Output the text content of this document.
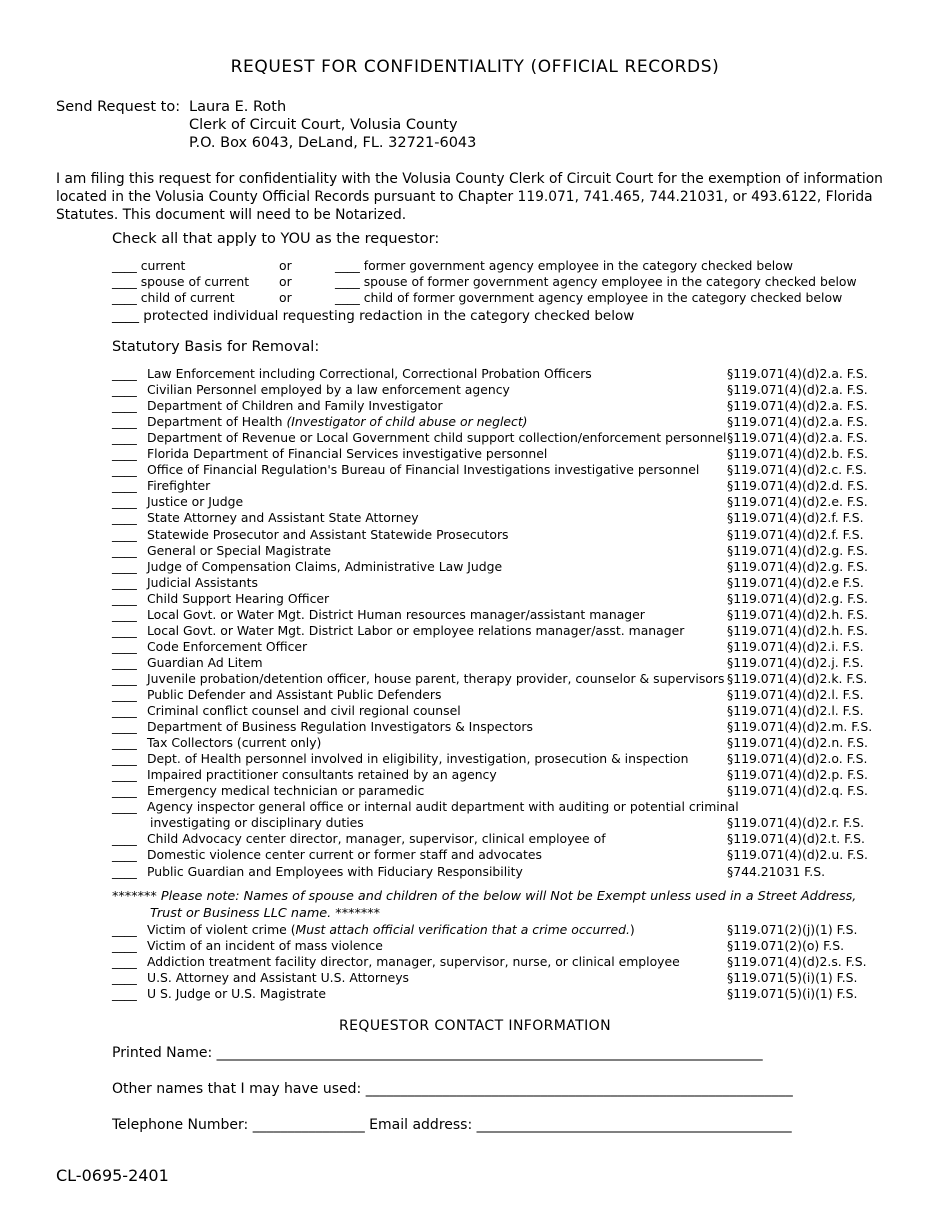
REQUEST FOR CONFIDENTIALITY (OFFICIAL RECORDS)
Send Request to: Laura E. Roth
Clerk of Circuit Court, Volusia County
P.O. Box 6043, DeLand, FL. 32721-6043
I am filing this request for confidentiality with the Volusia County Clerk of Circuit Court for the exemption of information located in the Volusia County Official Records pursuant to Chapter 119.071, 741.465, 744.21031, or 493.6122, Florida Statutes. This document will need to be Notarized.
Check all that apply to YOU as the requestor:
____ current	or	____ former government agency employee in the category checked below
____ spouse of current or	____ spouse of former government agency employee in the category checked below
____ child of current	or	____ child of former government agency employee in the category checked below
____ protected individual requesting redaction in the category checked below
Statutory Basis for Removal:
____ Law Enforcement including Correctional, Correctional Probation Officers	§119.071(4)(d)2.a. F.S.
____ Civilian Personnel employed by a law enforcement agency	§119.071(4)(d)2.a. F.S.
____ Department of Children and Family Investigator	§119.071(4)(d)2.a. F.S.
____ Department of Health (Investigator of child abuse or neglect)	§119.071(4)(d)2.a. F.S.
____ Department of Revenue or Local Government child support collection/enforcement personnel §119.071(4)(d)2.a. F.S.
____ Florida Department of Financial Services investigative personnel	§119.071(4)(d)2.b. F.S.
____ Office of Financial Regulation's Bureau of Financial Investigations investigative personnel §119.071(4)(d)2.c. F.S.
____ Firefighter	§119.071(4)(d)2.d. F.S.
____ Justice or Judge	§119.071(4)(d)2.e. F.S.
____ State Attorney and Assistant State Attorney	§119.071(4)(d)2.f. F.S.
____ Statewide Prosecutor and Assistant Statewide Prosecutors	§119.071(4)(d)2.f. F.S.
____ General or Special Magistrate	§119.071(4)(d)2.g. F.S.
____ Judge of Compensation Claims, Administrative Law Judge	§119.071(4)(d)2.g. F.S.
____ Judicial Assistants	§119.071(4)(d)2.e F.S.
____ Child Support Hearing Officer	§119.071(4)(d)2.g. F.S.
____ Local Govt. or Water Mgt. District Human resources manager/assistant manager	§119.071(4)(d)2.h. F.S.
____ Local Govt. or Water Mgt. District Labor or employee relations manager/asst. manager	§119.071(4)(d)2.h. F.S.
____ Code Enforcement Officer	§119.071(4)(d)2.i. F.S.
____ Guardian Ad Litem	§119.071(4)(d)2.j. F.S.
____ Juvenile probation/detention officer, house parent, therapy provider, counselor & supervisors §119.071(4)(d)2.k. F.S.
____ Public Defender and Assistant Public Defenders	§119.071(4)(d)2.l. F.S.
____ Criminal conflict counsel and civil regional counsel	§119.071(4)(d)2.l. F.S.
____ Department of Business Regulation Investigators & Inspectors	§119.071(4)(d)2.m. F.S.
____ Tax Collectors (current only)	§119.071(4)(d)2.n. F.S.
____ Dept. of Health personnel involved in eligibility, investigation, prosecution & inspection	§119.071(4)(d)2.o. F.S.
____ Impaired practitioner consultants retained by an agency	§119.071(4)(d)2.p. F.S.
____ Emergency medical technician or paramedic	§119.071(4)(d)2.q. F.S.
____ Agency inspector general office or internal audit department with auditing or potential criminal
investigating or disciplinary duties	§119.071(4)(d)2.r. F.S.
____ Child Advocacy center director, manager, supervisor, clinical employee of	§119.071(4)(d)2.t. F.S.
____ Domestic violence center current or former staff and advocates	§119.071(4)(d)2.u. F.S.
____ Public Guardian and Employees with Fiduciary Responsibility	§744.21031 F.S.
******* Please note: Names of spouse and children of the below will Not be Exempt unless used in a Street Address,
Trust or Business LLC name. *******
____ Victim of violent crime (Must attach official verification that a crime occurred.)	§119.071(2)(j)(1) F.S.
____ Victim of an incident of mass violence	§119.071(2)(o) F.S.
____ Addiction treatment facility director, manager, supervisor, nurse, or clinical employee	§119.071(4)(d)2.s. F.S.
____ U.S. Attorney and Assistant U.S. Attorneys	§119.071(5)(i)(1) F.S.
____ U S. Judge or U.S. Magistrate	§119.071(5)(i)(1) F.S.
REQUESTOR CONTACT INFORMATION
Printed Name: ______________________________________________________________________________
Other names that I may have used: _____________________________________________________________
Telephone Number: ________________ Email address: _____________________________________________
CL-0695-2401
